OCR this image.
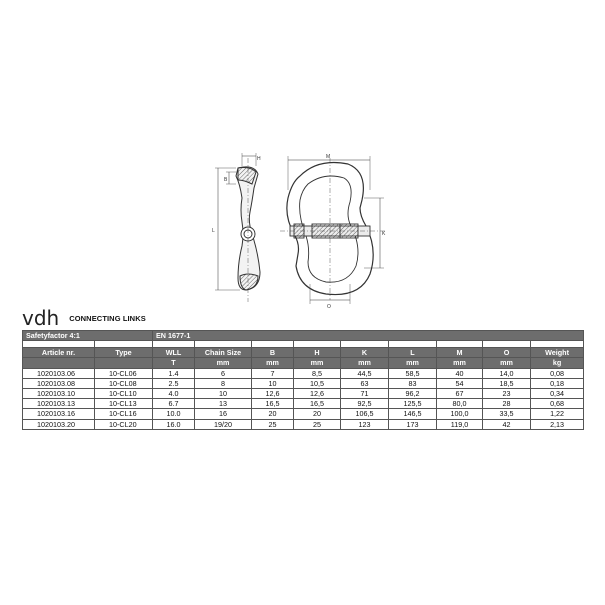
H
B
L
M
K
O
vdh CONNECTING LINKS
Safetyfactor 4:1		EN 1677-1								

Article nr.	Type	WLL	Chain Size	B	H	K	L	M	O	Weight
		T	mm	mm	mm	mm	mm	mm	mm	kg
1020103.06	10-CL06	1.4	6	7	8,5	44,5	58,5	40	14,0	0,08
1020103.08	10-CL08	2.5	8	10	10,5	63	83	54	18,5	0,18
1020103.10	10-CL10	4.0	10	12,6	12,6	71	96,2	67	23	0,34
1020103.13	10-CL13	6.7	13	16,5	16,5	92,5	125,5	80,0	28	0,68
1020103.16	10-CL16	10.0	16	20	20	106,5	146,5	100,0	33,5	1,22
1020103.20	10-CL20	16.0	19/20	25	25	123	173	119,0	42	2,13
